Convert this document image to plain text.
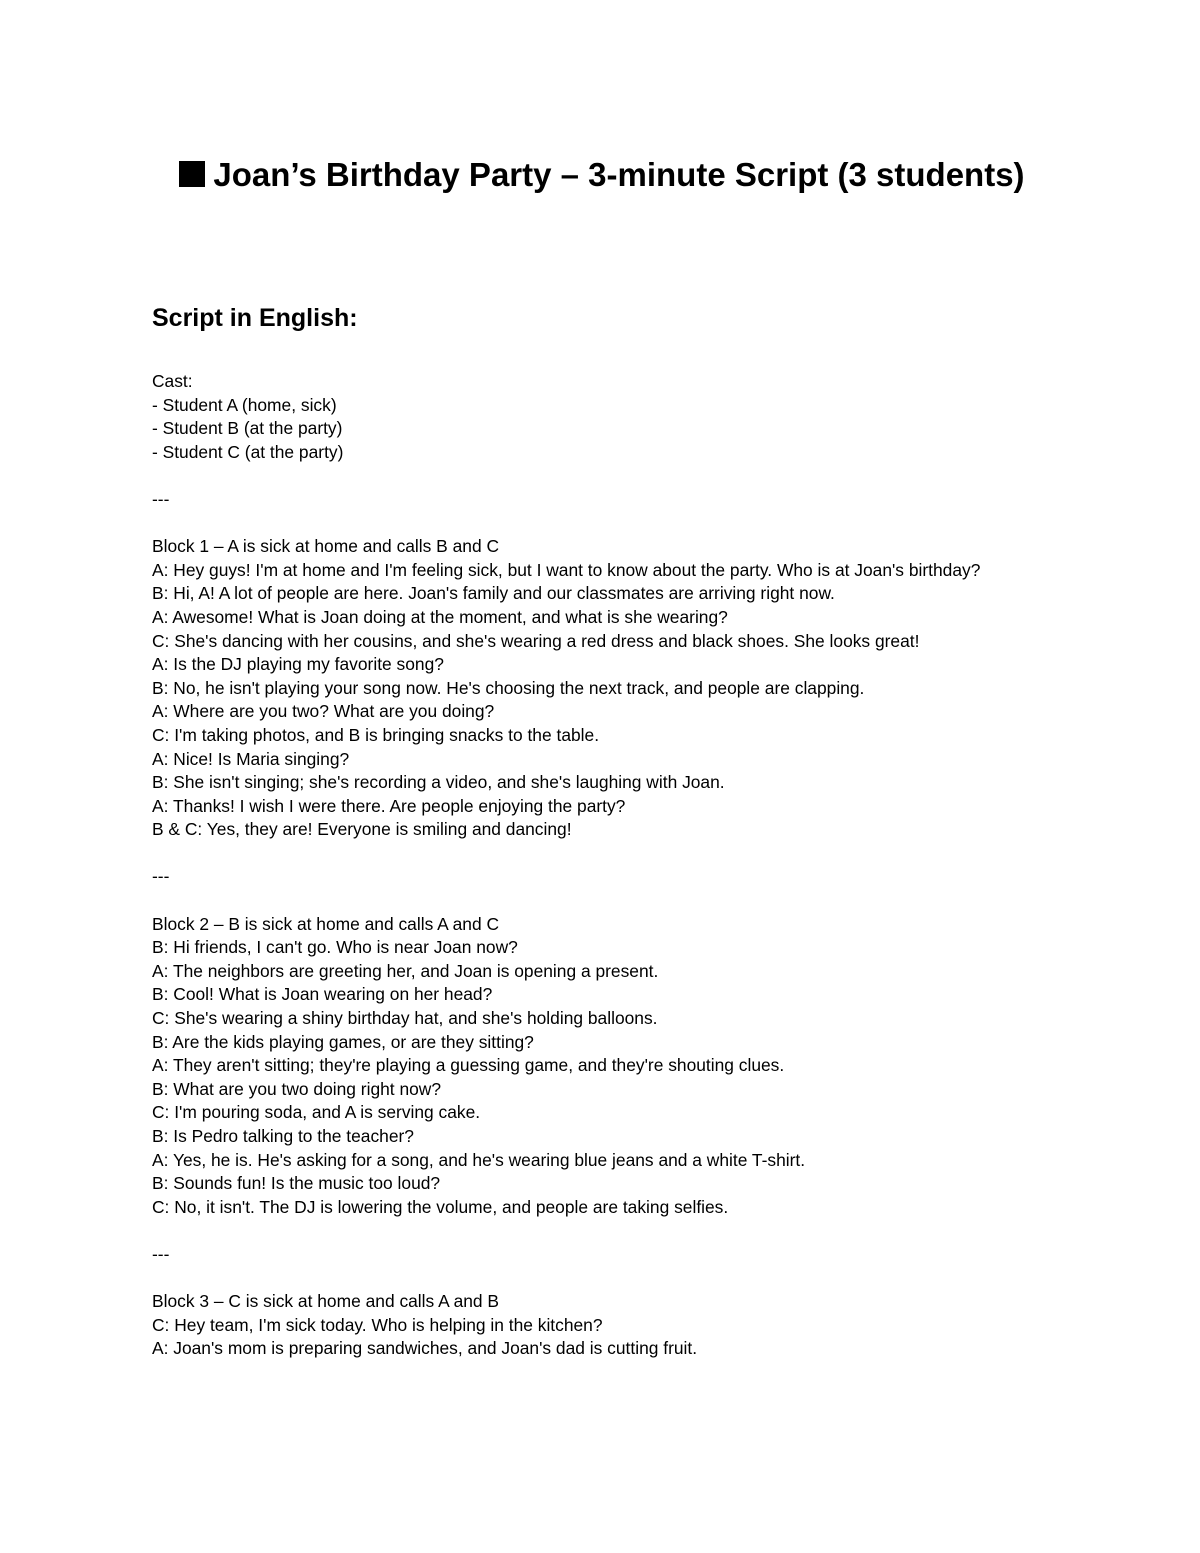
Joan’s Birthday Party – 3-minute Script (3 students)
Script in English:
Cast:
- Student A (home, sick)
- Student B (at the party)
- Student C (at the party)
---
Block 1 – A is sick at home and calls B and C
A: Hey guys! I'm at home and I'm feeling sick, but I want to know about the party. Who is at Joan's birthday?
B: Hi, A! A lot of people are here. Joan's family and our classmates are arriving right now.
A: Awesome! What is Joan doing at the moment, and what is she wearing?
C: She's dancing with her cousins, and she's wearing a red dress and black shoes. She looks great!
A: Is the DJ playing my favorite song?
B: No, he isn't playing your song now. He's choosing the next track, and people are clapping.
A: Where are you two? What are you doing?
C: I'm taking photos, and B is bringing snacks to the table.
A: Nice! Is Maria singing?
B: She isn't singing; she's recording a video, and she's laughing with Joan.
A: Thanks! I wish I were there. Are people enjoying the party?
B & C: Yes, they are! Everyone is smiling and dancing!
---
Block 2 – B is sick at home and calls A and C
B: Hi friends, I can't go. Who is near Joan now?
A: The neighbors are greeting her, and Joan is opening a present.
B: Cool! What is Joan wearing on her head?
C: She's wearing a shiny birthday hat, and she's holding balloons.
B: Are the kids playing games, or are they sitting?
A: They aren't sitting; they're playing a guessing game, and they're shouting clues.
B: What are you two doing right now?
C: I'm pouring soda, and A is serving cake.
B: Is Pedro talking to the teacher?
A: Yes, he is. He's asking for a song, and he's wearing blue jeans and a white T-shirt.
B: Sounds fun! Is the music too loud?
C: No, it isn't. The DJ is lowering the volume, and people are taking selfies.
---
Block 3 – C is sick at home and calls A and B
C: Hey team, I'm sick today. Who is helping in the kitchen?
A: Joan's mom is preparing sandwiches, and Joan's dad is cutting fruit.
